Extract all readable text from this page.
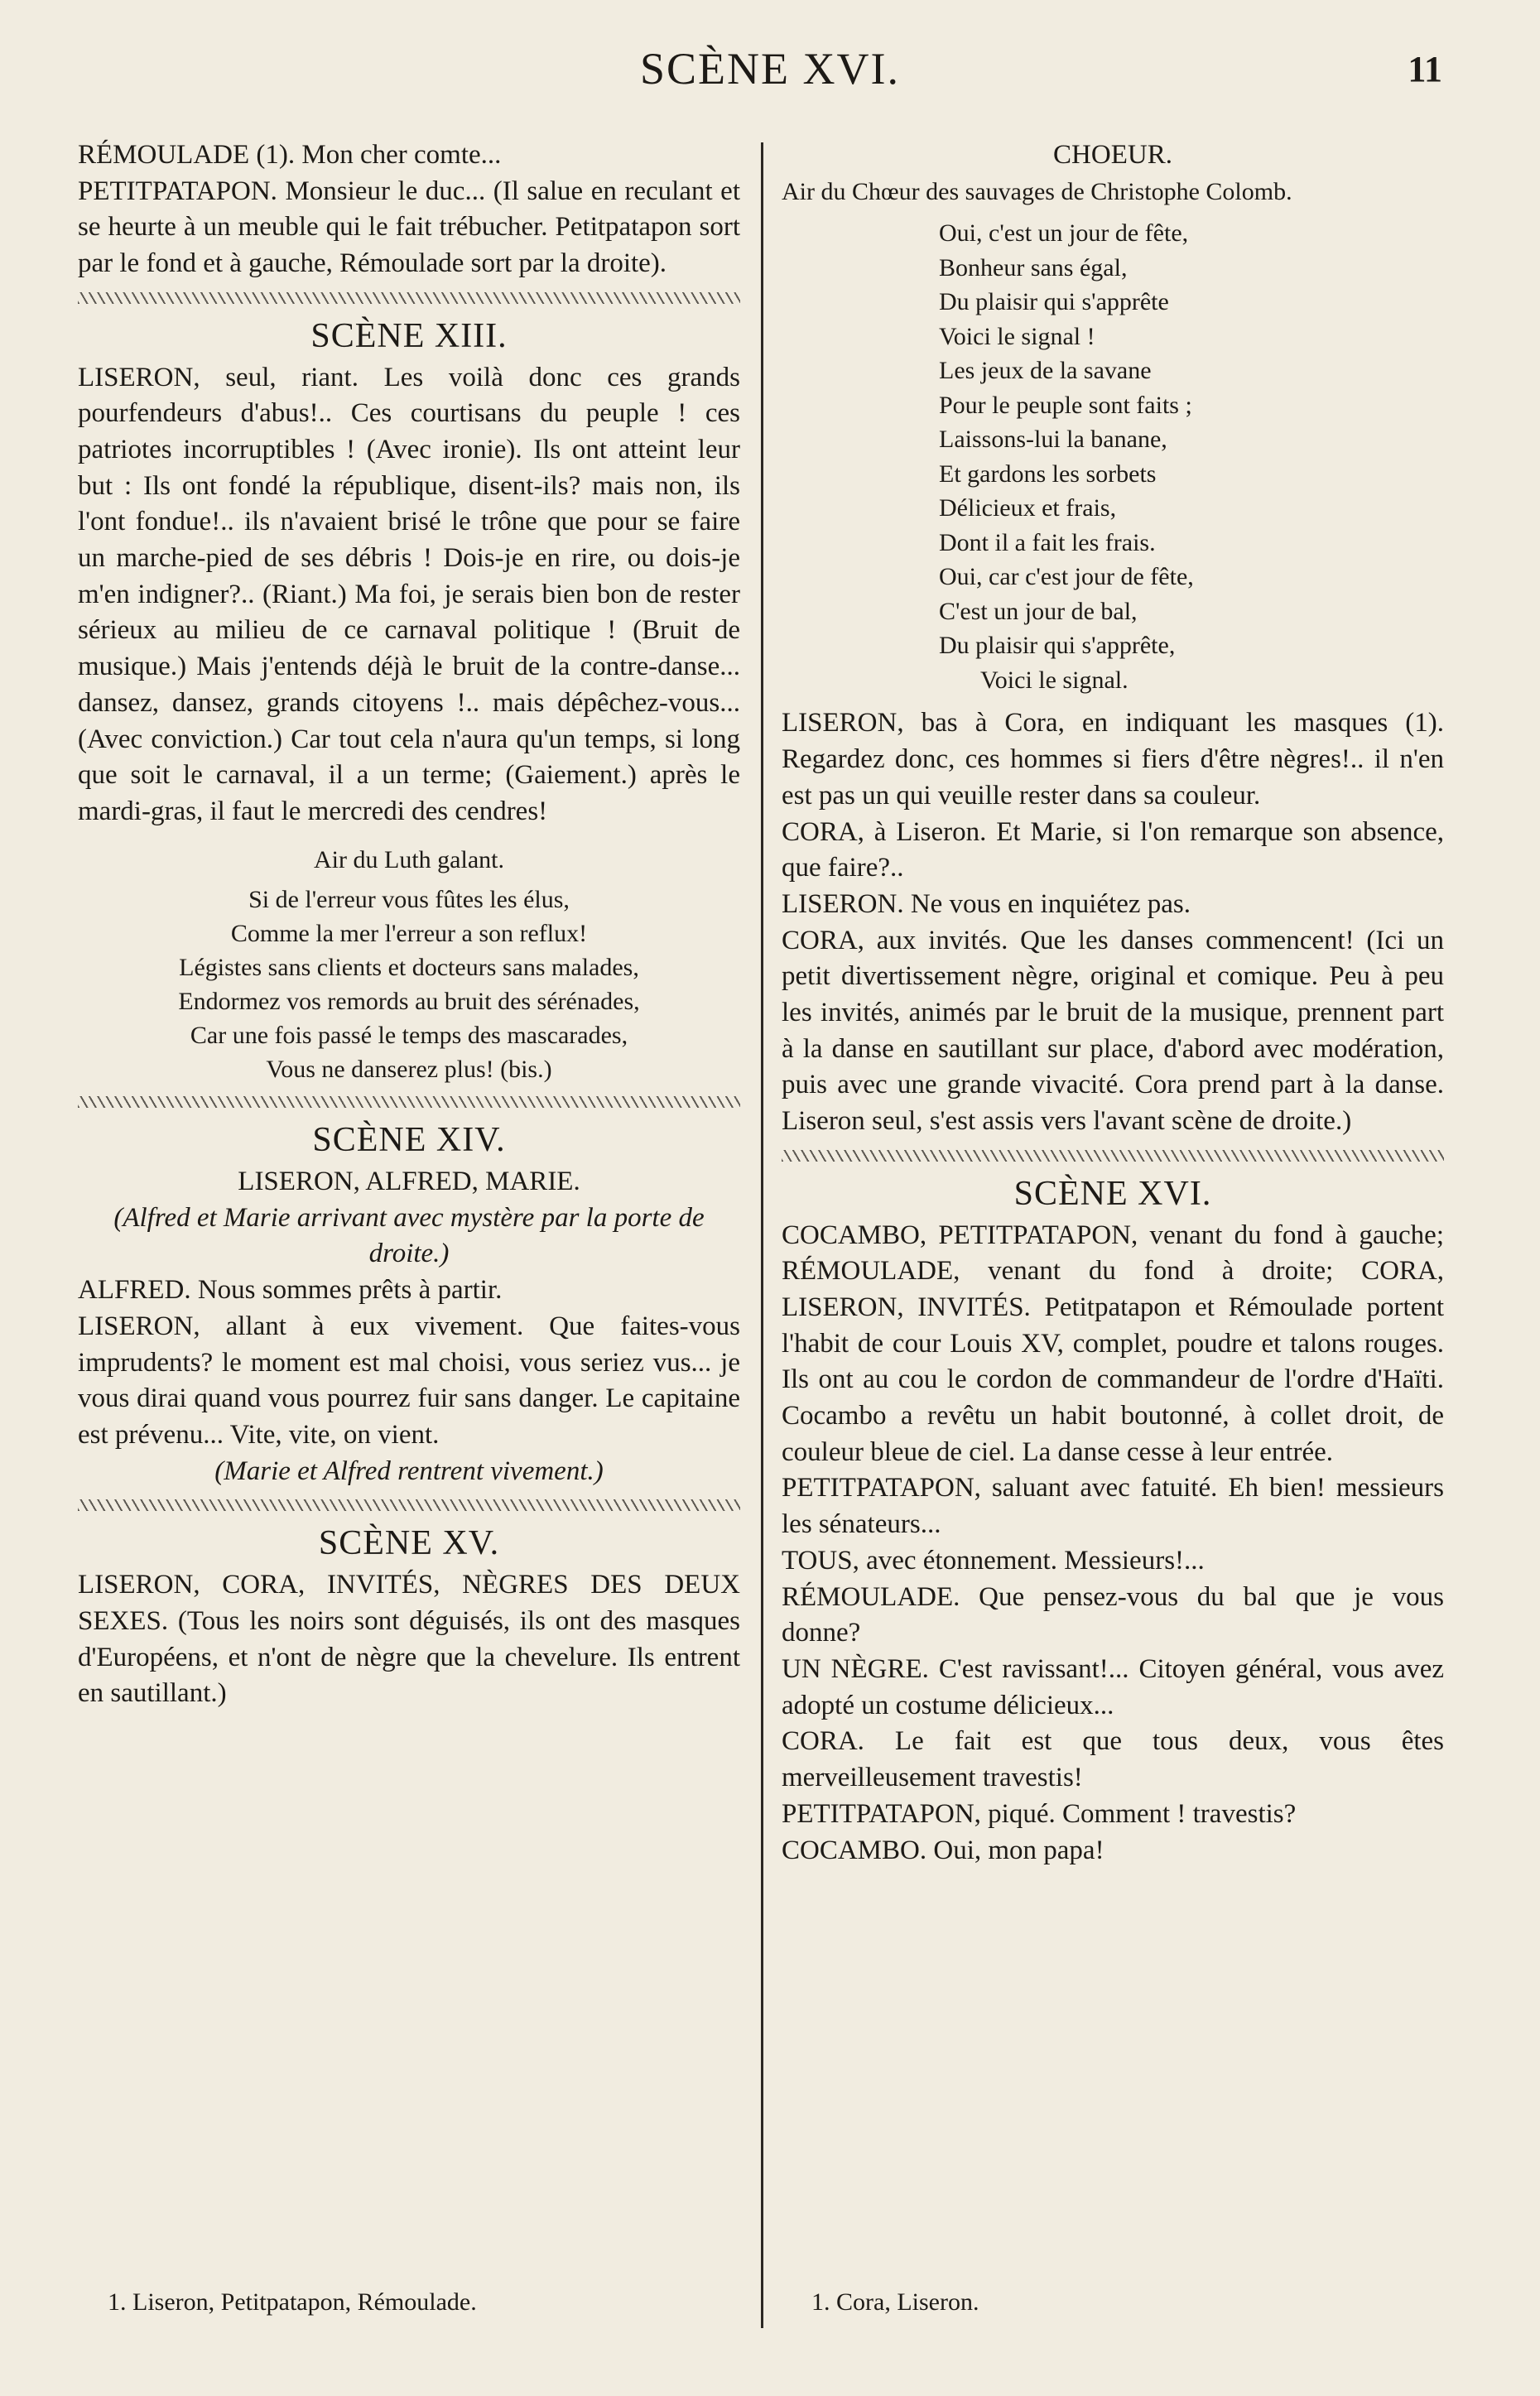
SCÈNE XVI.	11

RÉMOULADE (1). Mon cher comte...

PETITPATAPON. Monsieur le duc... (Il salue en reculant et se heurte à un meuble qui le fait trébucher. Petitpatapon sort par le fond et à gauche, Rémoulade sort par la droite).

SCÈNE XIII.

LISERON, seul, riant. Les voilà donc ces grands pourfendeurs d'abus!.. Ces courtisans du peuple ! ces patriotes incorruptibles ! (Avec ironie). Ils ont atteint leur but : Ils ont fondé la république, disent-ils? mais non, ils l'ont fondue!.. ils n'avaient brisé le trône que pour se faire un marche-pied de ses débris ! Dois-je en rire, ou dois-je m'en indigner?.. (Riant.) Ma foi, je serais bien bon de rester sérieux au milieu de ce carnaval politique ! (Bruit de musique.) Mais j'entends déjà le bruit de la contre-danse... dansez, dansez, grands citoyens !.. mais dépêchez-vous... (Avec conviction.) Car tout cela n'aura qu'un temps, si long que soit le carnaval, il a un terme; (Gaiement.) après le mardi-gras, il faut le mercredi des cendres!

Air du Luth galant.

Si de l'erreur vous fûtes les élus,
Comme la mer l'erreur a son reflux!
Légistes sans clients et docteurs sans malades,
Endormez vos remords au bruit des sérénades,
Car une fois passé le temps des mascarades,
Vous ne danserez plus! (bis.)
SCÈNE XIV.

LISERON, ALFRED, MARIE.

(Alfred et Marie arrivant avec mystère par la porte de droite.)

ALFRED. Nous sommes prêts à partir.

LISERON, allant à eux vivement. Que faites-vous imprudents? le moment est mal choisi, vous seriez vus... je vous dirai quand vous pourrez fuir sans danger. Le capitaine est prévenu... Vite, vite, on vient.

(Marie et Alfred rentrent vivement.)

SCÈNE XV.

LISERON, CORA, INVITÉS, NÈGRES DES DEUX SEXES. (Tous les noirs sont déguisés, ils ont des masques d'Européens, et n'ont de nègre que la chevelure. Ils entrent en sautillant.)

1. Liseron, Petitpatapon, Rémoulade.

CHOEUR.

Air du Chœur des sauvages de Christophe Colomb.

Oui, c'est un jour de fête,
Bonheur sans égal,
Du plaisir qui s'apprête
Voici le signal !
Les jeux de la savane
Pour le peuple sont faits ;
Laissons-lui la banane,
Et gardons les sorbets
Délicieux et frais,
Dont il a fait les frais.
Oui, car c'est jour de fête,
C'est un jour de bal,
Du plaisir qui s'apprête,
Voici le signal.

LISERON, bas à Cora, en indiquant les masques (1). Regardez donc, ces hommes si fiers d'être nègres!.. il n'en est pas un qui veuille rester dans sa couleur.

CORA, à Liseron. Et Marie, si l'on remarque son absence, que faire?..

LISERON. Ne vous en inquiétez pas.

CORA, aux invités. Que les danses commencent! (Ici un petit divertissement nègre, original et comique. Peu à peu les invités, animés par le bruit de la musique, prennent part à la danse en sautillant sur place, d'abord avec modération, puis avec une grande vivacité. Cora prend part à la danse. Liseron seul, s'est assis vers l'avant scène de droite.)

SCÈNE XVI.

COCAMBO, PETITPATAPON, venant du fond à gauche; RÉMOULADE, venant du fond à droite; CORA, LISERON, INVITÉS. Petitpatapon et Rémoulade portent l'habit de cour Louis XV, complet, poudre et talons rouges. Ils ont au cou le cordon de commandeur de l'ordre d'Haïti. Cocambo a revêtu un habit boutonné, à collet droit, de couleur bleue de ciel. La danse cesse à leur entrée.

PETITPATAPON, saluant avec fatuité. Eh bien! messieurs les sénateurs...

TOUS, avec étonnement. Messieurs!...

RÉMOULADE. Que pensez-vous du bal que je vous donne?

UN NÈGRE. C'est ravissant!... Citoyen général, vous avez adopté un costume délicieux...

CORA. Le fait est que tous deux, vous êtes merveilleusement travestis!

PETITPATAPON, piqué. Comment ! travestis?

COCAMBO. Oui, mon papa!

1. Cora, Liseron.
